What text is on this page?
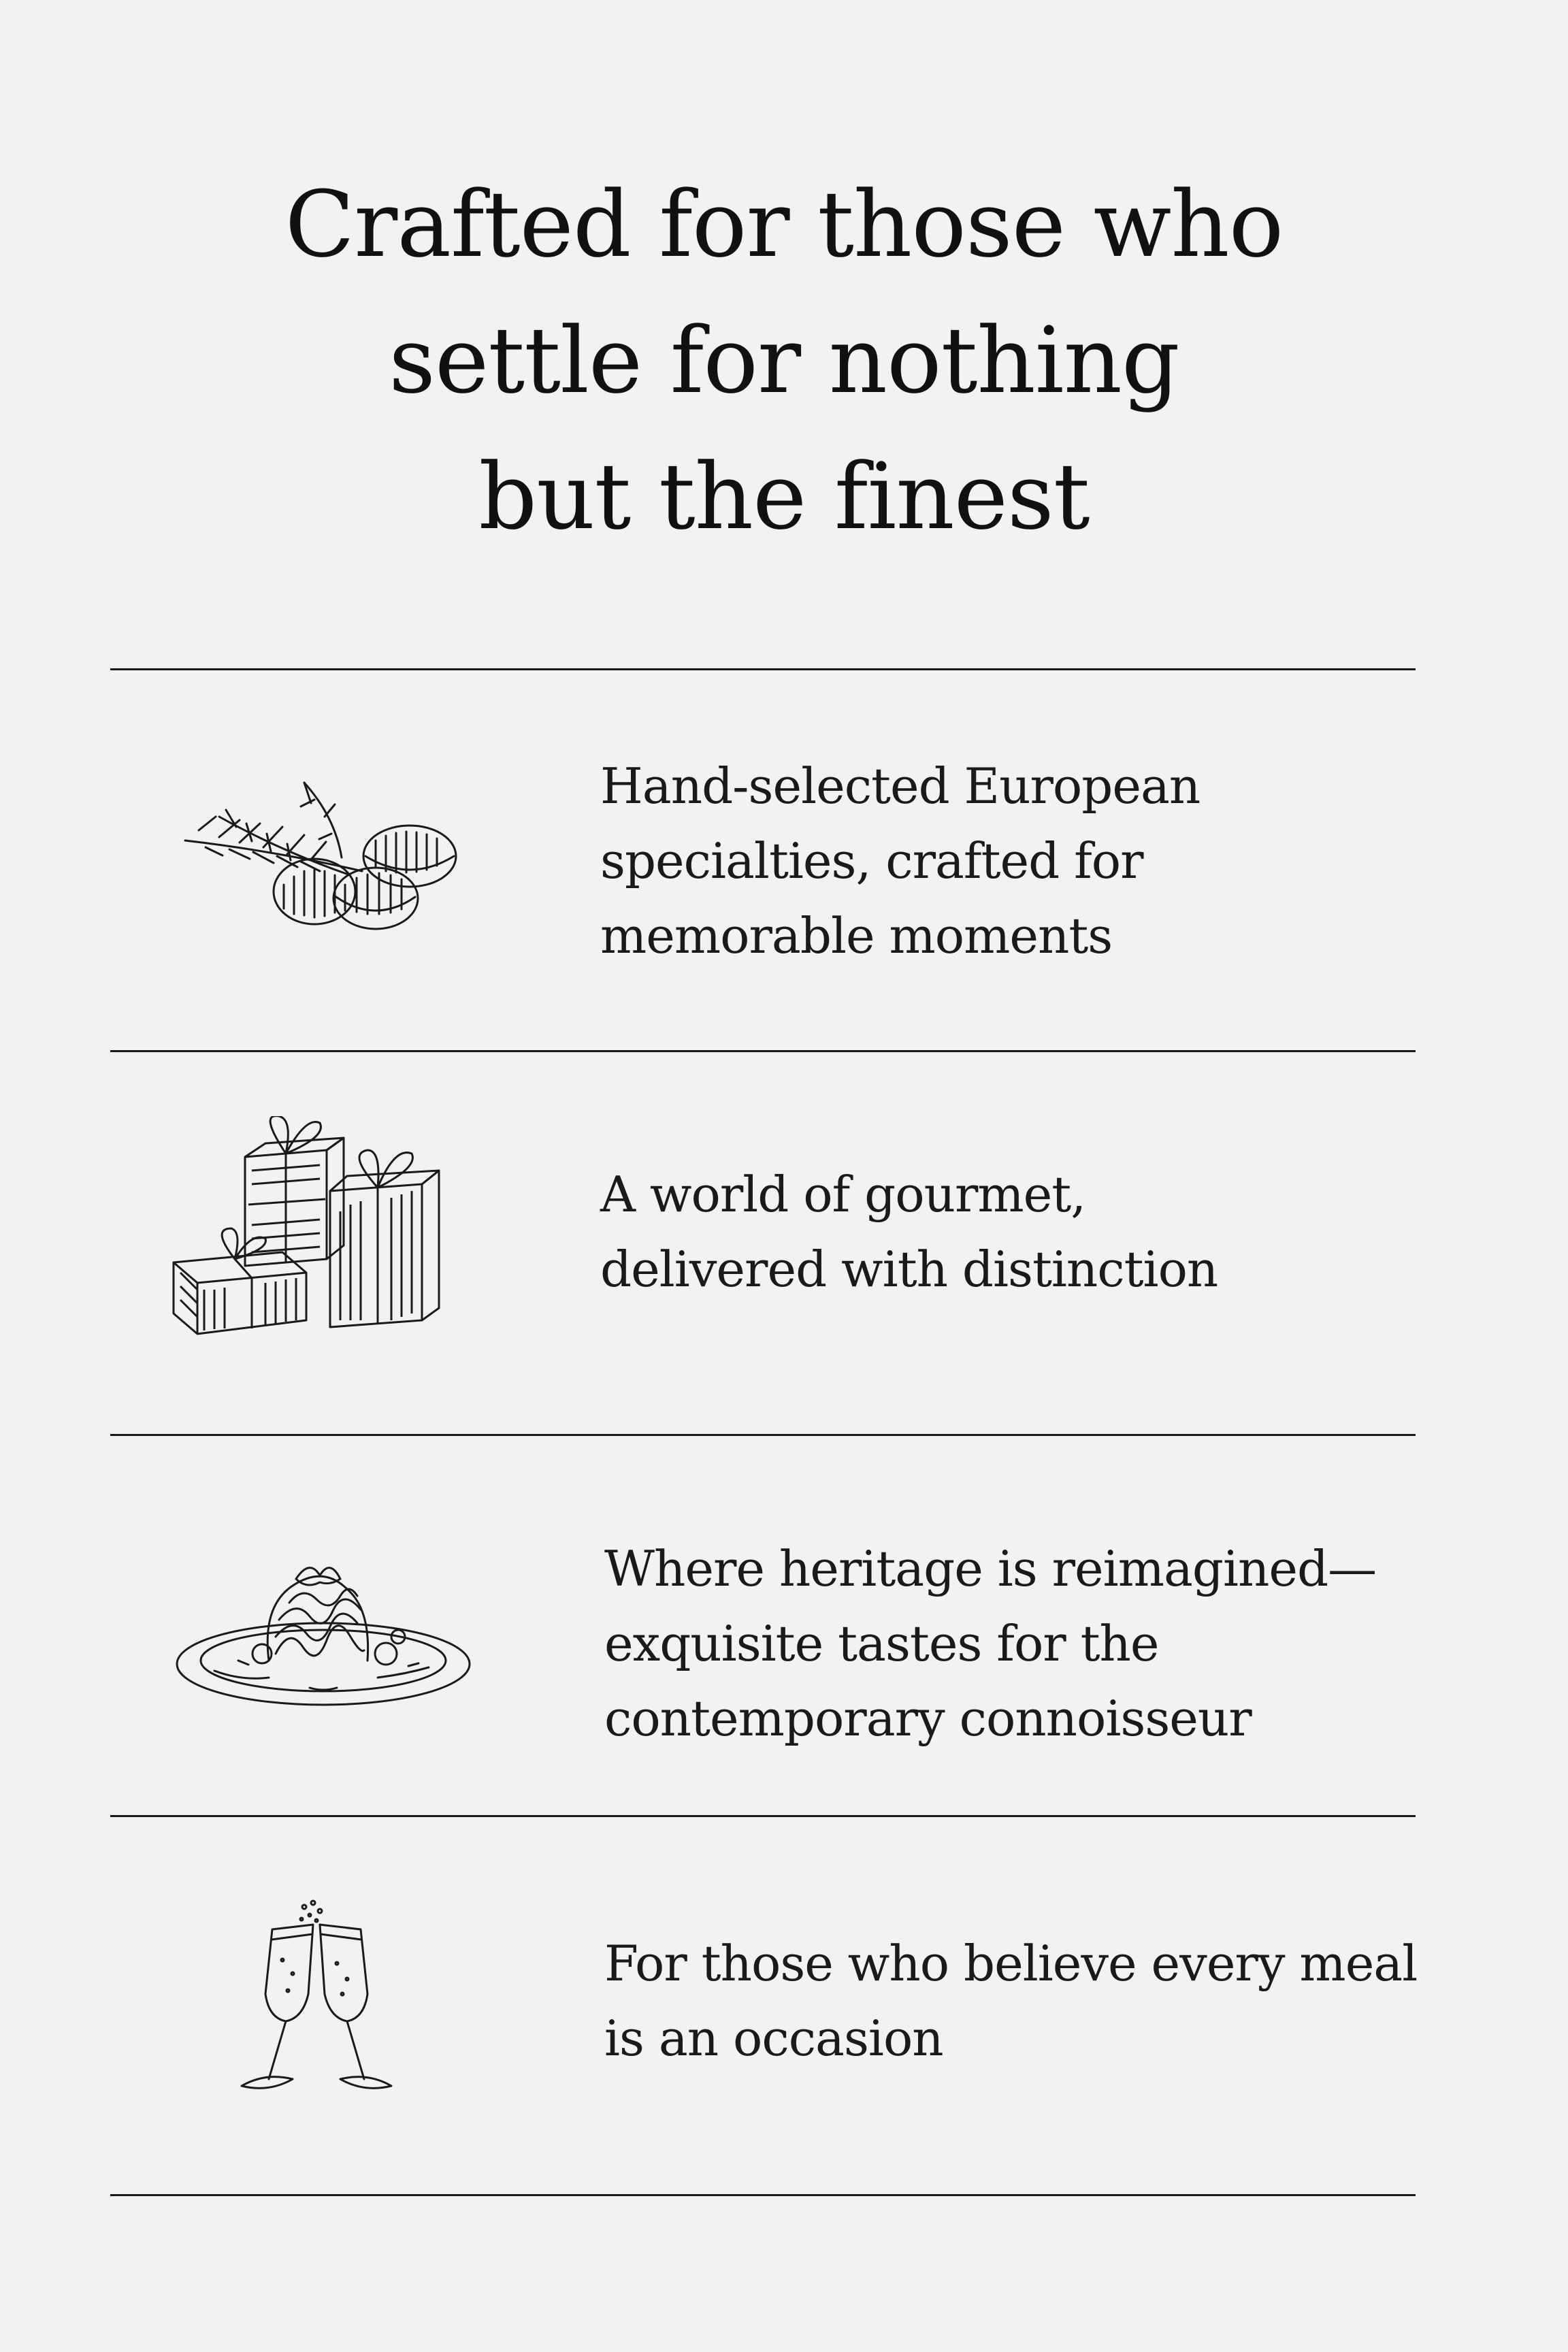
Crafted for those who
settle for nothing
but the finest

Hand-selected European
specialties, crafted for
memorable moments

A world of gourmet,
delivered with distinction

Where heritage is reimagined—
exquisite tastes for the
contemporary connoisseur

For those who believe every meal
is an occasion
